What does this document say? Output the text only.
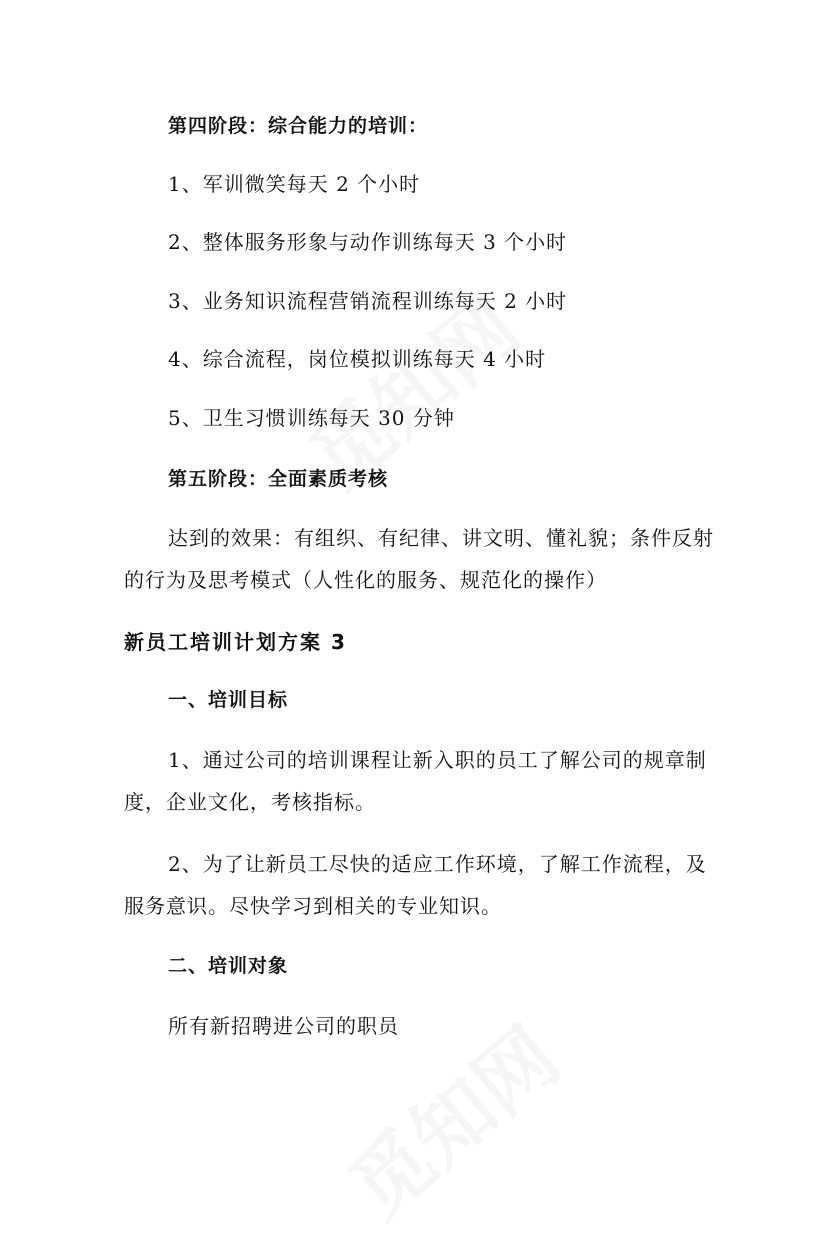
第四阶段：综合能力的培训：

1、军训微笑每天 2 个小时

2、整体服务形象与动作训练每天 3 个小时

3、业务知识流程营销流程训练每天 2 小时

4、综合流程，岗位模拟训练每天 4 小时

5、卫生习惯训练每天 30 分钟

第五阶段：全面素质考核

达到的效果：有组织、有纪律、讲文明、懂礼貌；条件反射

的行为及思考模式（人性化的服务、规范化的操作）

新员工培训计划方案 3

一、培训目标

1、通过公司的培训课程让新入职的员工了解公司的规章制

度，企业文化，考核指标。

2、为了让新员工尽快的适应工作环境，了解工作流程，及

服务意识。尽快学习到相关的专业知识。

二、培训对象

所有新招聘进公司的职员
